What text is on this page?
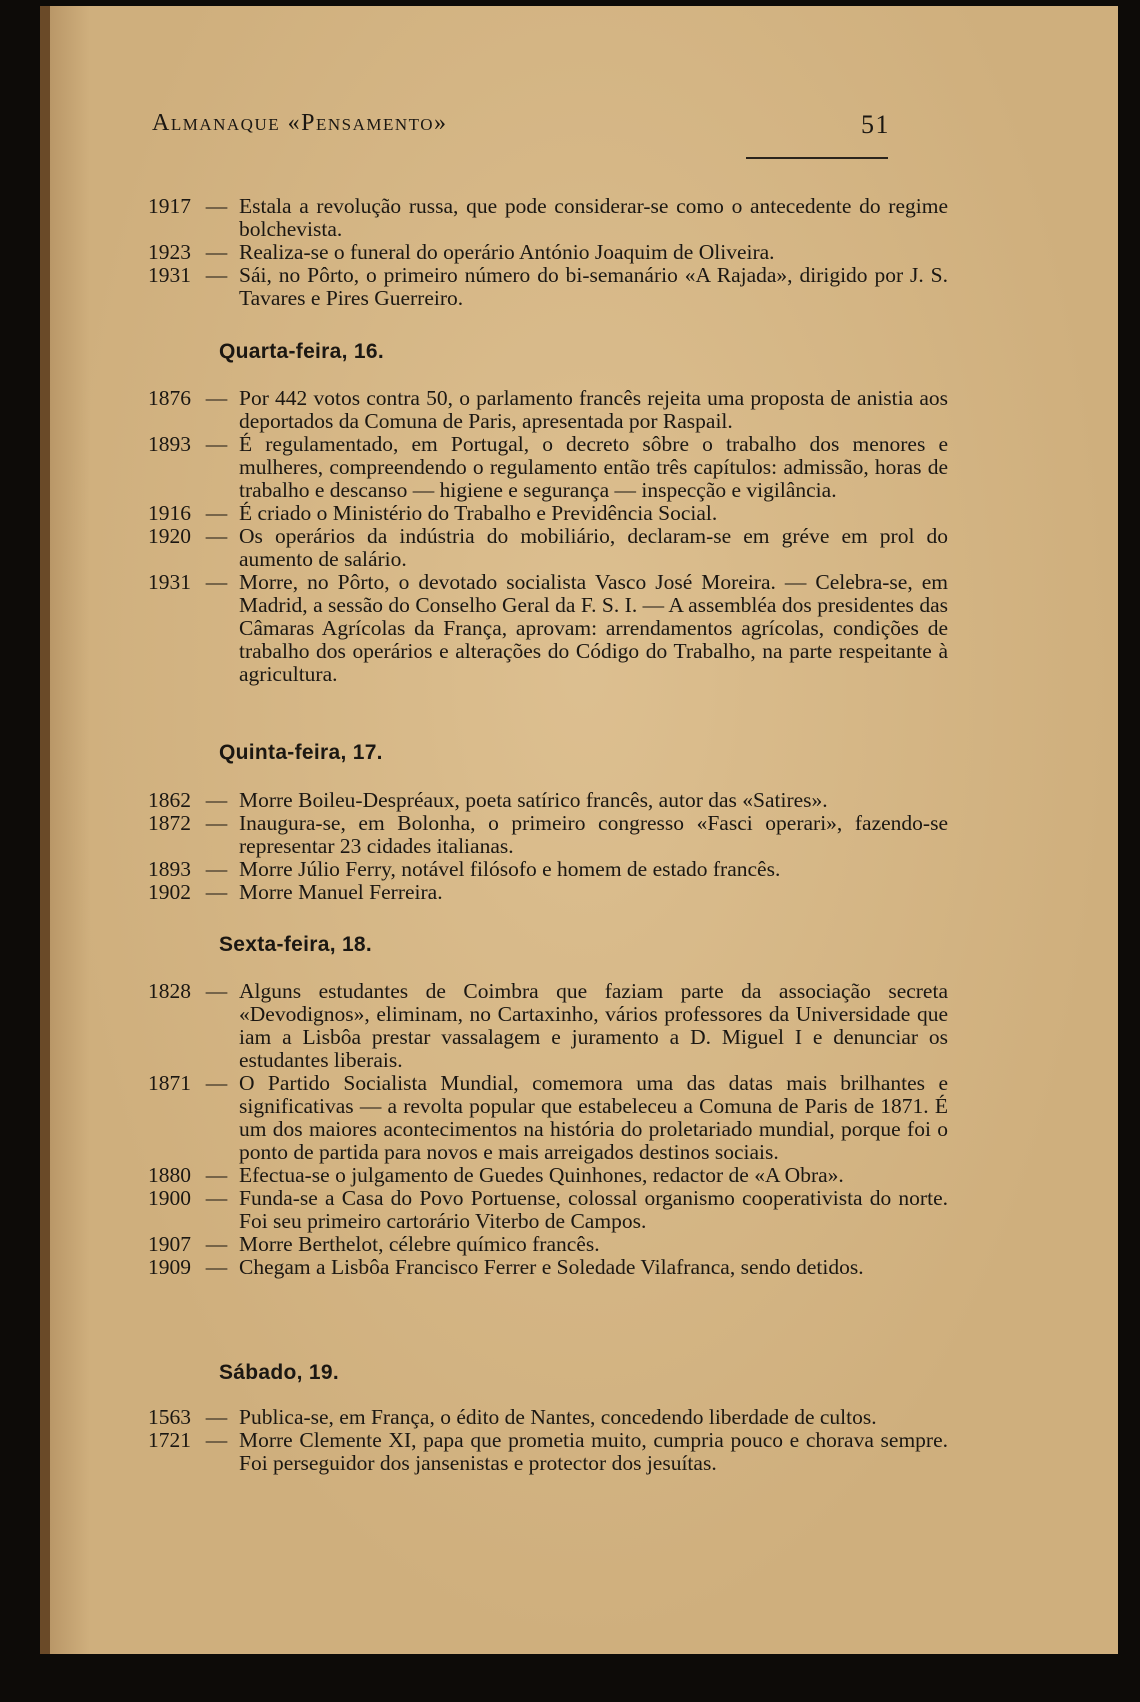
Almanaque «Pensamento»	51
1917 — Estala a revolução russa, que pode considerar-se como o antecedente do regime bolchevista.
1923 — Realiza-se o funeral do operário António Joaquim de Oliveira.
1931 — Sái, no Pôrto, o primeiro número do bi-semanário «A Rajada», dirigido por J. S. Tavares e Pires Guerreiro.
Quarta-feira, 16.
1876 — Por 442 votos contra 50, o parlamento francês rejeita uma proposta de anistia aos deportados da Comuna de Paris, apresentada por Raspail.
1893 — É regulamentado, em Portugal, o decreto sôbre o trabalho dos menores e mulheres, compreendendo o regulamento então três capítulos: admissão, horas de trabalho e descanso — higiene e segurança — inspecção e vigilância.
1916 — É criado o Ministério do Trabalho e Previdência Social.
1920 — Os operários da indústria do mobiliário, declaram-se em gréve em prol do aumento de salário.
1931 — Morre, no Pôrto, o devotado socialista Vasco José Moreira. — Celebra-se, em Madrid, a sessão do Conselho Geral da F. S. I. — A assembléa dos presidentes das Câmaras Agrícolas da França, aprovam: arrendamentos agrícolas, condições de trabalho dos operários e alterações do Código do Trabalho, na parte respeitante à agricultura.
Quinta-feira, 17.
1862 — Morre Boileu-Despréaux, poeta satírico francês, autor das «Satires».
1872 — Inaugura-se, em Bolonha, o primeiro congresso «Fasci operari», fazendo-se representar 23 cidades italianas.
1893 — Morre Júlio Ferry, notável filósofo e homem de estado francês.
1902 — Morre Manuel Ferreira.
Sexta-feira, 18.
1828 — Alguns estudantes de Coimbra que faziam parte da associação secreta «Devodignos», eliminam, no Cartaxinho, vários professores da Universidade que iam a Lisbôa prestar vassalagem e juramento a D. Miguel I e denunciar os estudantes liberais.
1871 — O Partido Socialista Mundial, comemora uma das datas mais brilhantes e significativas — a revolta popular que estabeleceu a Comuna de Paris de 1871. É um dos maiores acontecimentos na história do proletariado mundial, porque foi o ponto de partida para novos e mais arreigados destinos sociais.
1880 — Efectua-se o julgamento de Guedes Quinhones, redactor de «A Obra».
1900 — Funda-se a Casa do Povo Portuense, colossal organismo cooperativista do norte. Foi seu primeiro cartorário Viterbo de Campos.
1907 — Morre Berthelot, célebre químico francês.
1909 — Chegam a Lisbôa Francisco Ferrer e Soledade Vilafranca, sendo detidos.
Sábado, 19.
1563 — Publica-se, em França, o édito de Nantes, concedendo liberdade de cultos.
1721 — Morre Clemente XI, papa que prometia muito, cumpria pouco e chorava sempre. Foi perseguidor dos jansenistas e protector dos jesuítas.
